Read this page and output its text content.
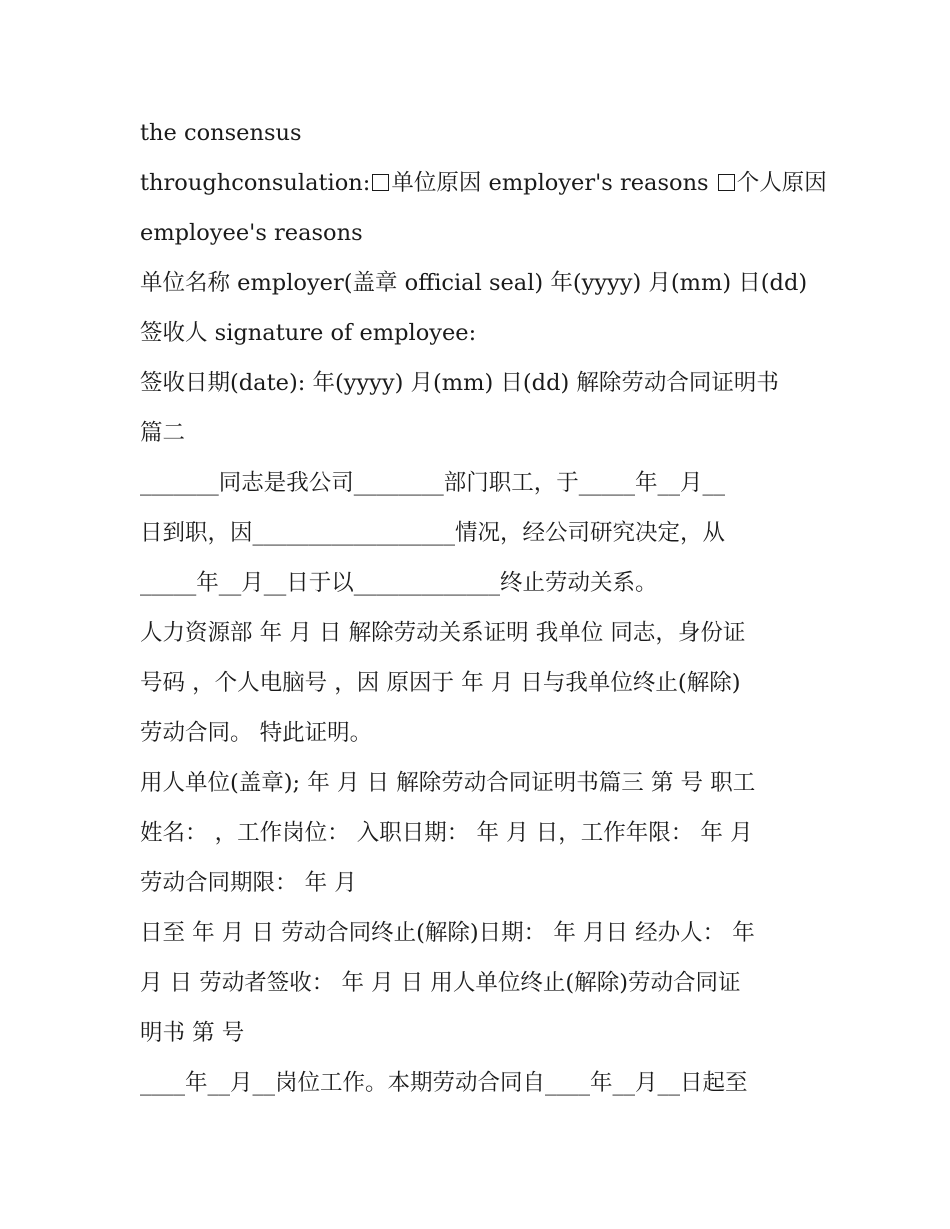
the consensus
throughconsulation: 单位原因 employer's reasons 个人原因
employee's reasons
单位名称 employer(盖章 official seal) 年(yyyy) 月(mm) 日(dd)
签收人 signature of employee:
签收日期(date): 年(yyyy) 月(mm) 日(dd) 解除劳动合同证明书
篇二
_______同志是我公司________部门职工，于_____年__月__
日到职，因__________________情况，经公司研究决定，从
_____年__月__日于以_____________终止劳动关系。
人力资源部 年 月 日 解除劳动关系证明 我单位 同志，身份证
号码 ，个人电脑号 ，因 原因于 年 月 日与我单位终止(解除)
劳动合同。 特此证明。
用人单位(盖章); 年 月 日 解除劳动合同证明书篇三 第 号 职工
姓名： ，工作岗位： 入职日期： 年 月 日，工作年限： 年 月
劳动合同期限： 年 月
日至 年 月 日 劳动合同终止(解除)日期： 年 月日 经办人： 年
月 日 劳动者签收： 年 月 日 用人单位终止(解除)劳动合同证
明书 第 号
____年__月__岗位工作。本期劳动合同自____年__月__日起至
